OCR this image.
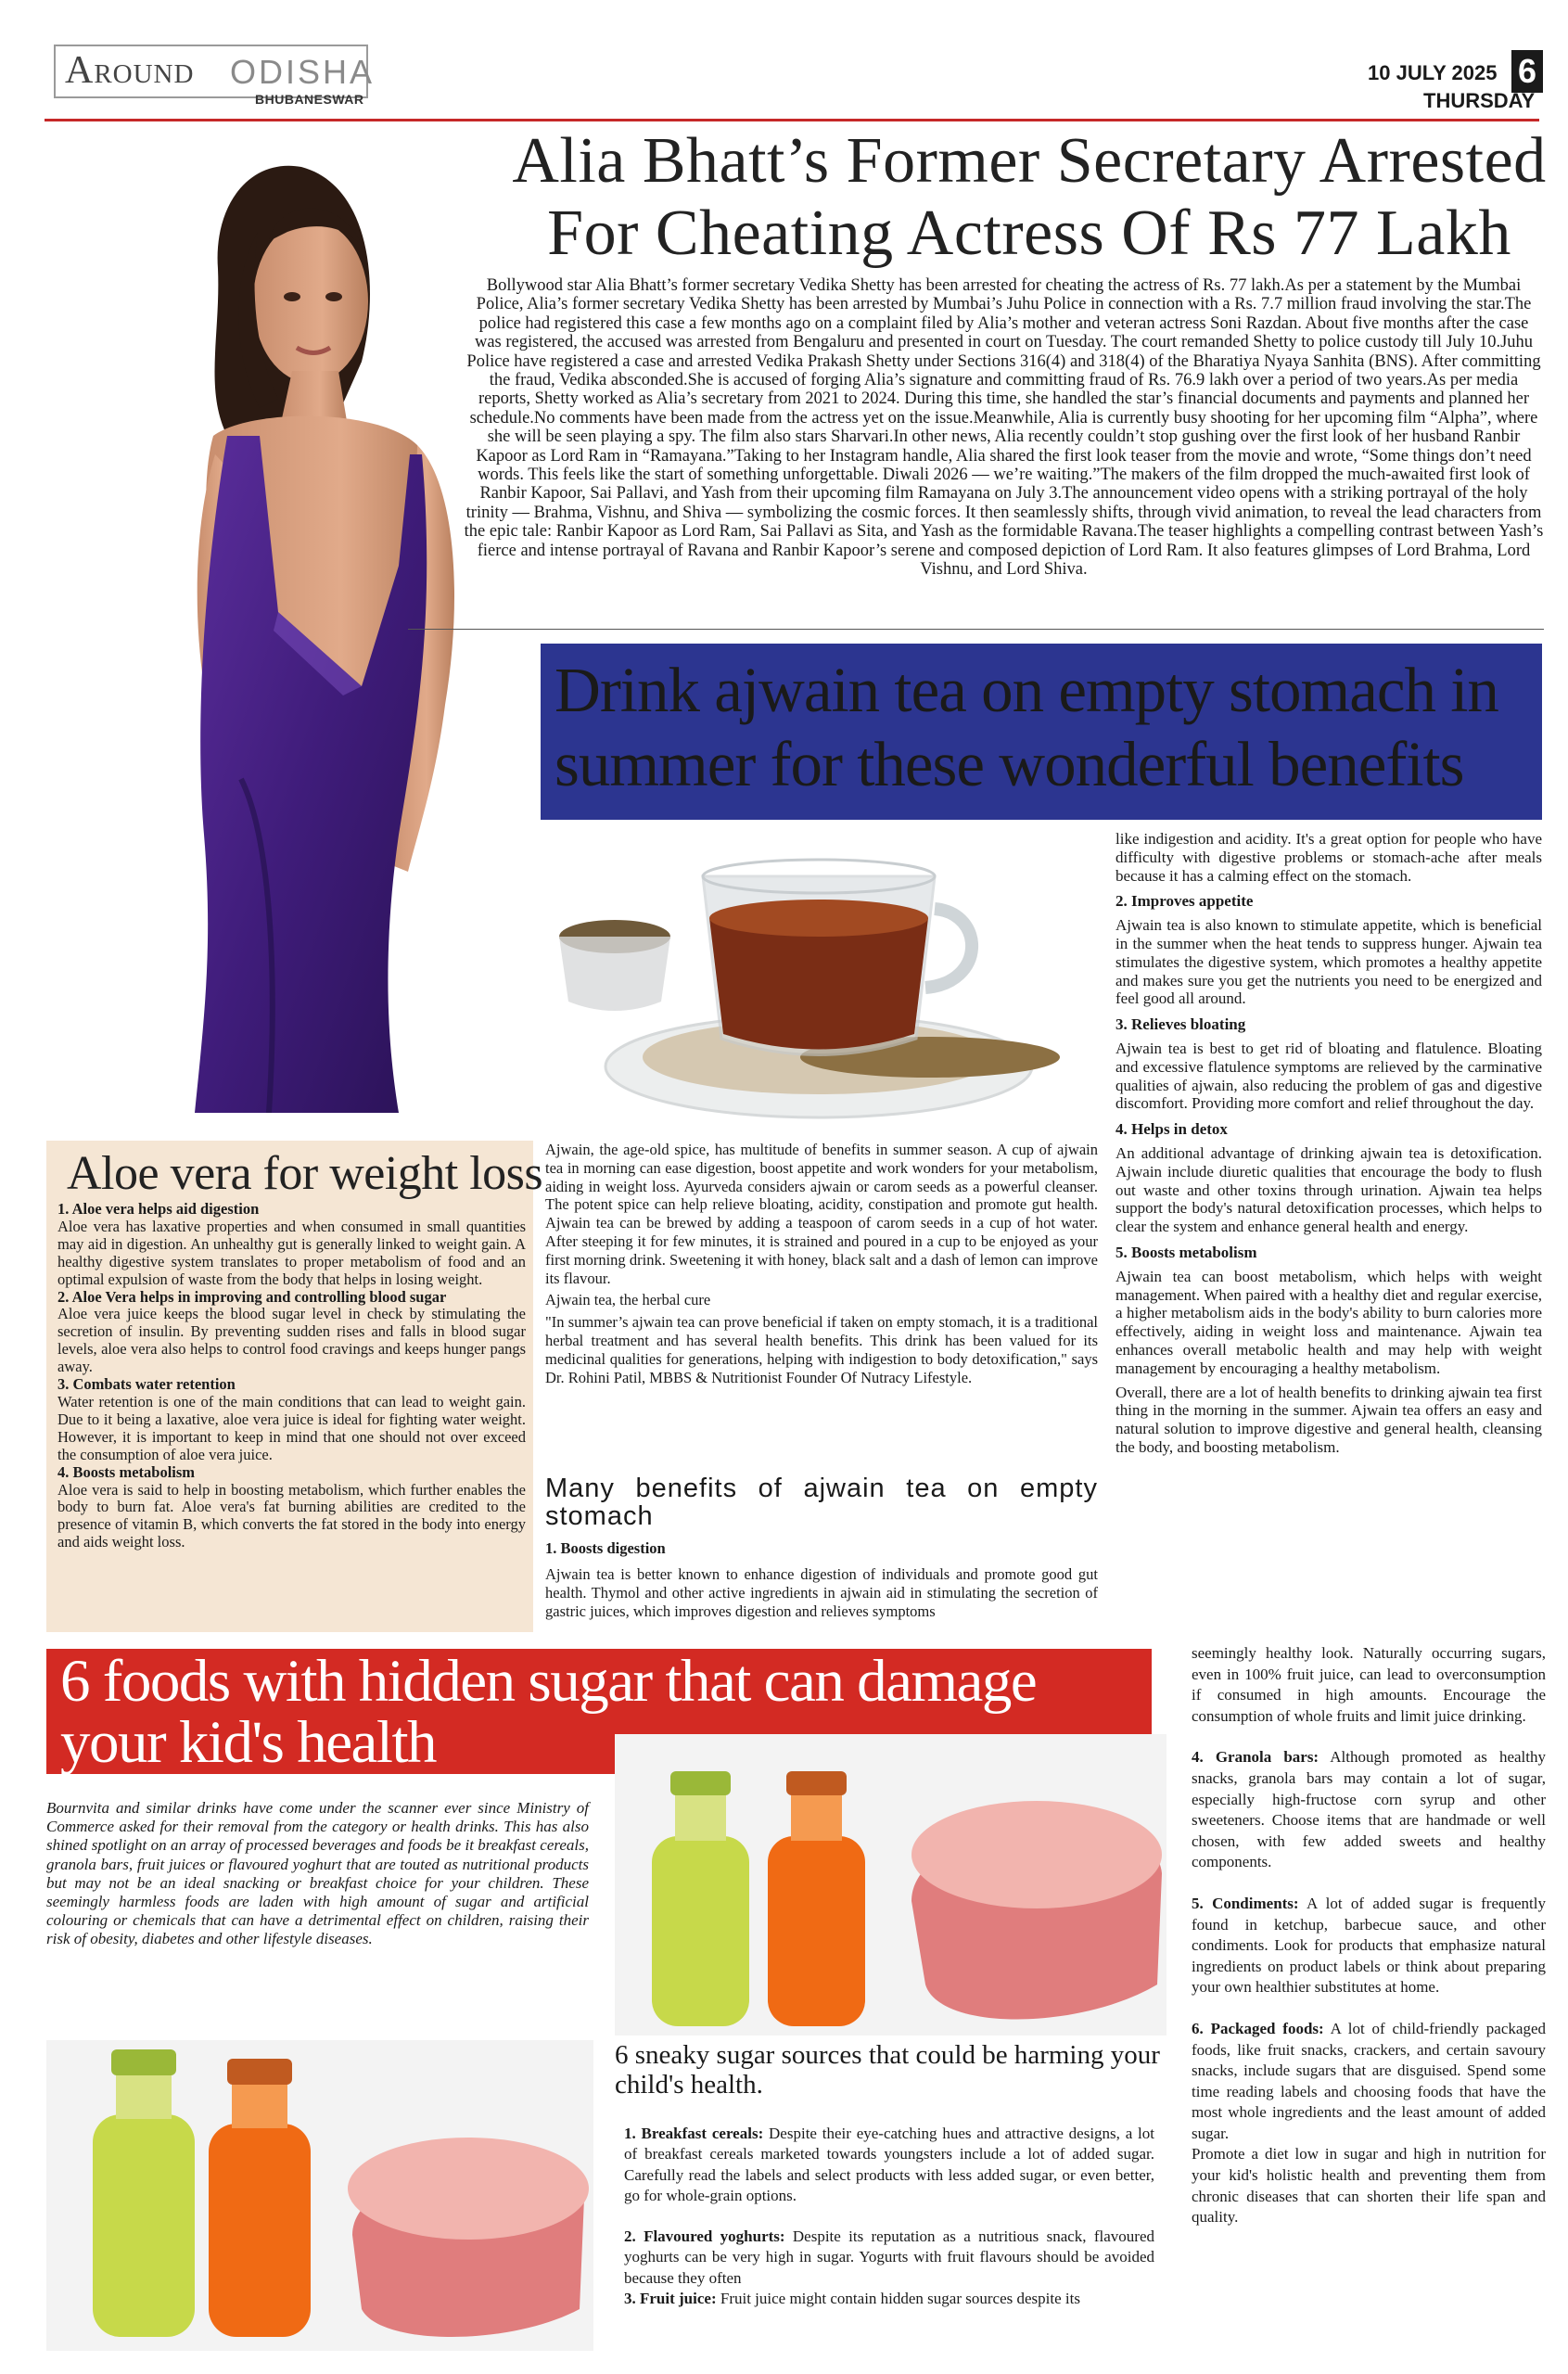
Around ODISHA
BHUBANESWAR
10 JULY 2025 6
THURSDAY
Alia Bhatt’s Former Secretary Arrested For Cheating Actress Of Rs 77 Lakh
Bollywood star Alia Bhatt’s former secretary Vedika Shetty has been arrested for cheating the actress of Rs. 77 lakh.As per a statement by the Mumbai Police, Alia’s former secretary Vedika Shetty has been arrested by Mumbai’s Juhu Police in connection with a Rs. 7.7 million fraud involving the star.The police had registered this case a few months ago on a complaint filed by Alia’s mother and veteran actress Soni Razdan. About five months after the case was registered, the accused was arrested from Bengaluru and presented in court on Tuesday. The court remanded Shetty to police custody till July 10.Juhu Police have registered a case and arrested Vedika Prakash Shetty under Sections 316(4) and 318(4) of the Bharatiya Nyaya Sanhita (BNS). After committing the fraud, Vedika absconded.She is accused of forging Alia’s signature and committing fraud of Rs. 76.9 lakh over a period of two years.As per media reports, Shetty worked as Alia’s secretary from 2021 to 2024. During this time, she handled the star’s financial documents and payments and planned her schedule.No comments have been made from the actress yet on the issue.Meanwhile, Alia is currently busy shooting for her upcoming film “Alpha”, where she will be seen playing a spy. The film also stars Sharvari.In other news, Alia recently couldn’t stop gushing over the first look of her husband Ranbir Kapoor as Lord Ram in “Ramayana.”Taking to her Instagram handle, Alia shared the first look teaser from the movie and wrote, “Some things don’t need words. This feels like the start of something unforgettable. Diwali 2026 — we’re waiting.”The makers of the film dropped the much-awaited first look of Ranbir Kapoor, Sai Pallavi, and Yash from their upcoming film Ramayana on July 3.The announcement video opens with a striking portrayal of the holy trinity — Brahma, Vishnu, and Shiva — symbolizing the cosmic forces. It then seamlessly shifts, through vivid animation, to reveal the lead characters from the epic tale: Ranbir Kapoor as Lord Ram, Sai Pallavi as Sita, and Yash as the formidable Ravana.The teaser highlights a compelling contrast between Yash’s fierce and intense portrayal of Ravana and Ranbir Kapoor’s serene and composed depiction of Lord Ram. It also features glimpses of Lord Brahma, Lord Vishnu, and Lord Shiva.
Drink ajwain tea on empty stomach in summer for these wonderful benefits
Aloe vera for weight loss

1. Aloe vera helps aid digestion

Aloe vera has laxative properties and when consumed in small quantities may aid in digestion. An unhealthy gut is generally linked to weight gain. A healthy digestive system translates to proper metabolism of food and an optimal expulsion of waste from the body that helps in losing weight.

2. Aloe Vera helps in improving and controlling blood sugar

Aloe vera juice keeps the blood sugar level in check by stimulating the secretion of insulin. By preventing sudden rises and falls in blood sugar levels, aloe vera also helps to control food cravings and keeps hunger pangs away.

3. Combats water retention

Water retention is one of the main conditions that can lead to weight gain. Due to it being a laxative, aloe vera juice is ideal for fighting water weight. However, it is important to keep in mind that one should not over exceed the consumption of aloe vera juice.

4. Boosts metabolism

Aloe vera is said to help in boosting metabolism, which further enables the body to burn fat. Aloe vera's fat burning abilities are credited to the presence of vitamin B, which converts the fat stored in the body into energy and aids weight loss.

Ajwain, the age-old spice, has multitude of benefits in summer season. A cup of ajwain tea in morning can ease digestion, boost appetite and work wonders for your metabolism, aiding in weight loss. Ayurveda considers ajwain or carom seeds as a powerful cleanser. The potent spice can help relieve bloating, acidity, constipation and promote gut health. Ajwain tea can be brewed by adding a teaspoon of carom seeds in a cup of hot water. After steeping it for few minutes, it is strained and poured in a cup to be enjoyed as your first morning drink. Sweetening it with honey, black salt and a dash of lemon can improve its flavour.

Ajwain tea, the herbal cure

"In summer’s ajwain tea can prove beneficial if taken on empty stomach, it is a traditional herbal treatment and has several health benefits. This drink has been valued for its medicinal qualities for generations, helping with indigestion to body detoxification," says Dr. Rohini Patil, MBBS & Nutritionist Founder Of Nutracy Lifestyle.

Many benefits of ajwain tea on empty stomach

1. Boosts digestion

Ajwain tea is better known to enhance digestion of individuals and promote good gut health. Thymol and other active ingredients in ajwain aid in stimulating the secretion of gastric juices, which improves digestion and relieves symptoms

like indigestion and acidity. It's a great option for people who have difficulty with digestive problems or stomach-ache after meals because it has a calming effect on the stomach.

2. Improves appetite

Ajwain tea is also known to stimulate appetite, which is beneficial in the summer when the heat tends to suppress hunger. Ajwain tea stimulates the digestive system, which promotes a healthy appetite and makes sure you get the nutrients you need to be energized and feel good all around.

3. Relieves bloating

Ajwain tea is best to get rid of bloating and flatulence. Bloating and excessive flatulence symptoms are relieved by the carminative qualities of ajwain, also reducing the problem of gas and digestive discomfort. Providing more comfort and relief throughout the day.

4. Helps in detox

An additional advantage of drinking ajwain tea is detoxification. Ajwain include diuretic qualities that encourage the body to flush out waste and other toxins through urination. Ajwain tea helps support the body's natural detoxification processes, which helps to clear the system and enhance general health and energy.

5. Boosts metabolism

Ajwain tea can boost metabolism, which helps with weight management. When paired with a healthy diet and regular exercise, a higher metabolism aids in the body's ability to burn calories more effectively, aiding in weight loss and maintenance. Ajwain tea enhances overall metabolic health and may help with weight management by encouraging a healthy metabolism.

Overall, there are a lot of health benefits to drinking ajwain tea first thing in the morning in the summer. Ajwain tea offers an easy and natural solution to improve digestive and general health, cleansing the body, and boosting metabolism.

6 foods with hidden sugar that can damage your kid's health
Bournvita and similar drinks have come under the scanner ever since Ministry of Commerce asked for their removal from the category or health drinks. This has also shined spotlight on an array of processed beverages and foods be it breakfast cereals, granola bars, fruit juices or flavoured yoghurt that are touted as nutritional products but may not be an ideal snacking or breakfast choice for your children. These seemingly harmless foods are laden with high amount of sugar and artificial colouring or chemicals that can have a detrimental effect on children, raising their risk of obesity, diabetes and other lifestyle diseases.
6 sneaky sugar sources that could be harming your child's health.

1. Breakfast cereals: Despite their eye-catching hues and attractive designs, a lot of breakfast cereals marketed towards youngsters include a lot of added sugar. Carefully read the labels and select products with less added sugar, or even better, go for whole-grain options.

2. Flavoured yoghurts: Despite its reputation as a nutritious snack, flavoured yoghurts can be very high in sugar. Yogurts with fruit flavours should be avoided because they often

3. Fruit juice: Fruit juice might contain hidden sugar sources despite its

seemingly healthy look. Naturally occurring sugars, even in 100% fruit juice, can lead to overconsumption if consumed in high amounts. Encourage the consumption of whole fruits and limit juice drinking.

4. Granola bars: Although promoted as healthy snacks, granola bars may contain a lot of sugar, especially high-fructose corn syrup and other sweeteners. Choose items that are handmade or well chosen, with few added sweets and healthy components.

5. Condiments: A lot of added sugar is frequently found in ketchup, barbecue sauce, and other condiments. Look for products that emphasize natural ingredients on product labels or think about preparing your own healthier substitutes at home.

6. Packaged foods: A lot of child-friendly packaged foods, like fruit snacks, crackers, and certain savoury snacks, include sugars that are disguised. Spend some time reading labels and choosing foods that have the most whole ingredients and the least amount of added sugar.

Promote a diet low in sugar and high in nutrition for your kid's holistic health and preventing them from chronic diseases that can shorten their life span and quality.
